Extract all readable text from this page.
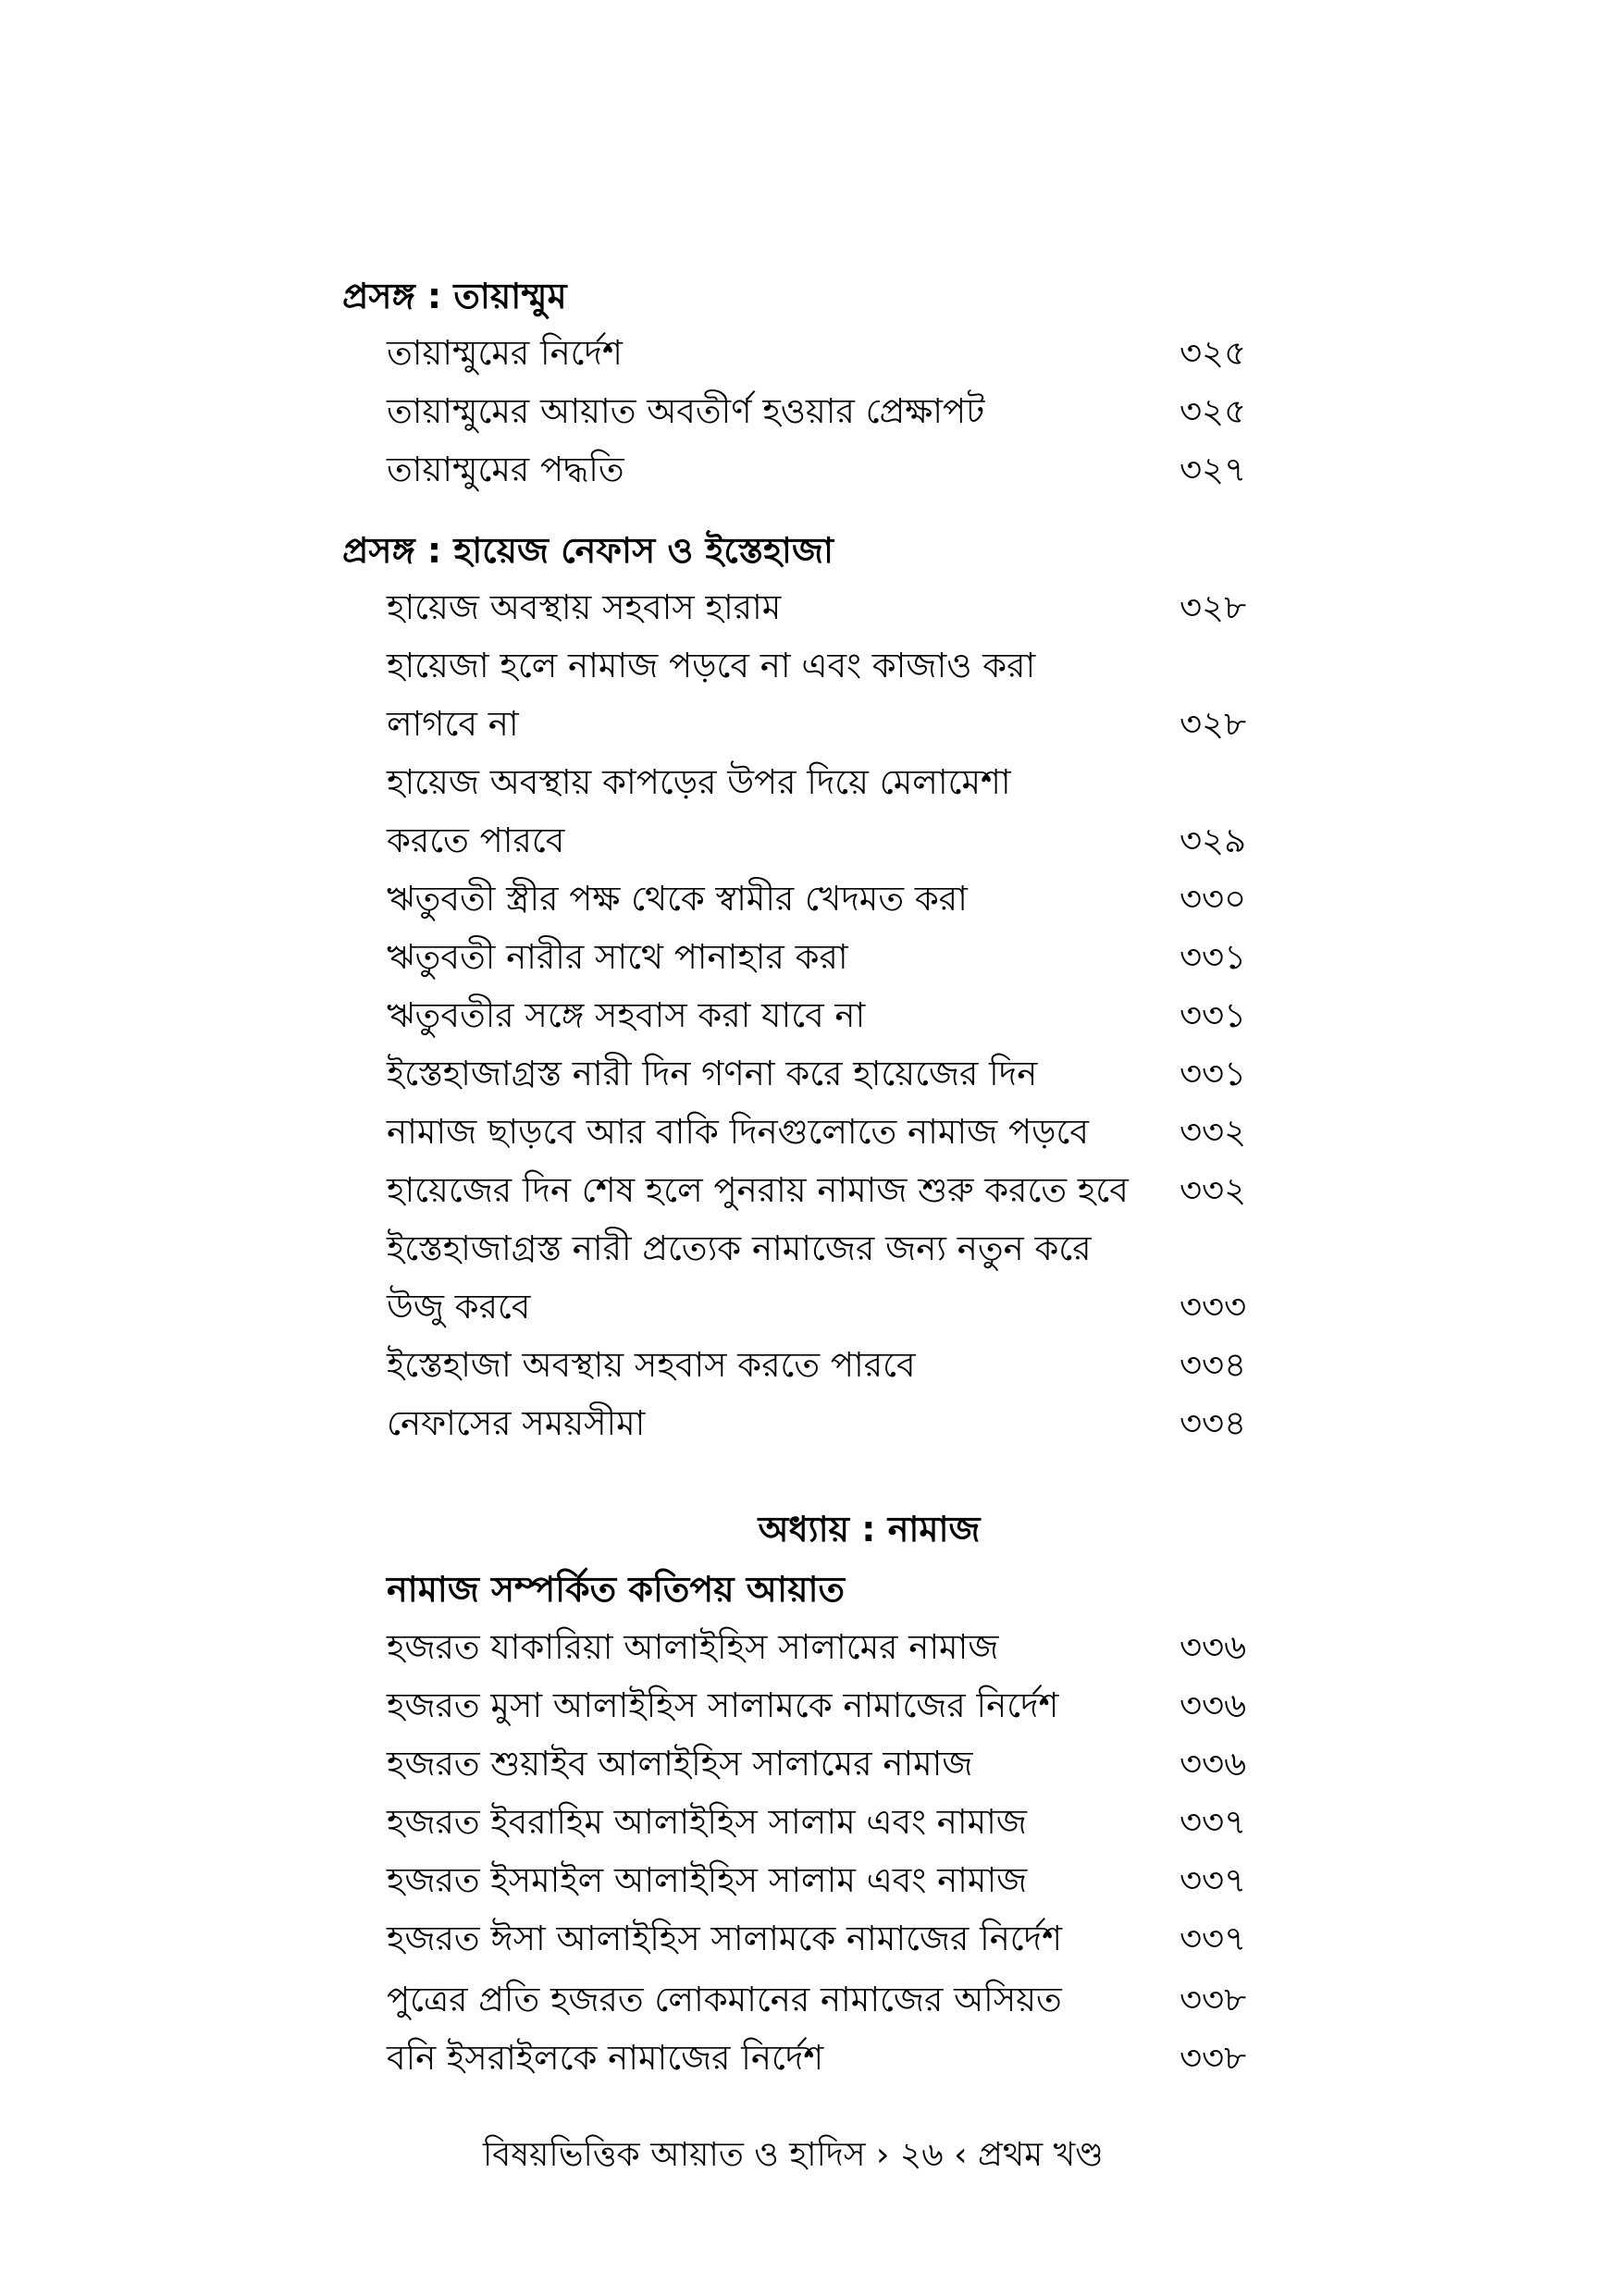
প্রসঙ্গ : তায়াম্মুম
তায়াম্মুমের নির্দেশ	৩২৫
তায়াম্মুমের আয়াত অবতীর্ণ হওয়ার প্রেক্ষাপট	৩২৫
তায়াম্মুমের পদ্ধতি	৩২৭
প্রসঙ্গ : হায়েজ নেফাস ও ইস্তেহাজা
হায়েজ অবস্থায় সহবাস হারাম	৩২৮
হায়েজা হলে নামাজ পড়বে না এবং কাজাও করা
লাগবে না	৩২৮
হায়েজ অবস্থায় কাপড়ের উপর দিয়ে মেলামেশা
করতে পারবে	৩২৯
ঋতুবতী স্ত্রীর পক্ষ থেকে স্বামীর খেদমত করা	৩৩০
ঋতুবতী নারীর সাথে পানাহার করা	৩৩১
ঋতুবতীর সঙ্গে সহবাস করা যাবে না	৩৩১
ইস্তেহাজাগ্রস্ত নারী দিন গণনা করে হায়েজের দিন	৩৩১
নামাজ ছাড়বে আর বাকি দিনগুলোতে নামাজ পড়বে	৩৩২
হায়েজের দিন শেষ হলে পুনরায় নামাজ শুরু করতে হবে ৩৩২
ইস্তেহাজাগ্রস্ত নারী প্রত্যেক নামাজের জন্য নতুন করে
উজু করবে	৩৩৩
ইস্তেহাজা অবস্থায় সহবাস করতে পারবে	৩৩৪
নেফাসের সময়সীমা	৩৩৪
অধ্যায় : নামাজ
নামাজ সম্পর্কিত কতিপয় আয়াত
হজরত যাকারিয়া আলাইহিস সালামের নামাজ	৩৩৬
হজরত মুসা আলাইহিস সালামকে নামাজের নির্দেশ	৩৩৬
হজরত শুয়াইব আলাইহিস সালামের নামাজ	৩৩৬
হজরত ইবরাহিম আলাইহিস সালাম এবং নামাজ	৩৩৭
হজরত ইসমাইল আলাইহিস সালাম এবং নামাজ	৩৩৭
হজরত ঈসা আলাইহিস সালামকে নামাজের নির্দেশ	৩৩৭
পুত্রের প্রতি হজরত লোকমানের নামাজের অসিয়ত	৩৩৮
বনি ইসরাইলকে নামাজের নির্দেশ	৩৩৮
বিষয়ভিত্তিক আয়াত ও হাদিস › ২৬ ‹ প্রথম খণ্ড
